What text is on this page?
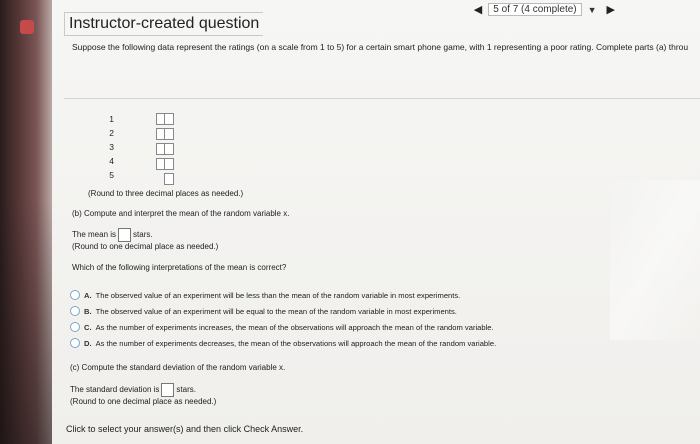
◀	5 of 7 (4 complete)	▼ ▶
Instructor-created question
Suppose the following data represent the ratings (on a scale from 1 to 5) for a certain smart phone game, with 1 representing a poor rating. Complete parts (a) throu
1
2
3
4
5
(Round to three decimal places as needed.)
(b) Compute and interpret the mean of the random variable x.
The mean is stars.
(Round to one decimal place as needed.)
Which of the following interpretations of the mean is correct?
A. The observed value of an experiment will be less than the mean of the random variable in most experiments.
B. The observed value of an experiment will be equal to the mean of the random variable in most experiments.
C. As the number of experiments increases, the mean of the observations will approach the mean of the random variable.
D. As the number of experiments decreases, the mean of the observations will approach the mean of the random variable.
(c) Compute the standard deviation of the random variable x.
The standard deviation is stars.
(Round to one decimal place as needed.)
Click to select your answer(s) and then click Check Answer.
